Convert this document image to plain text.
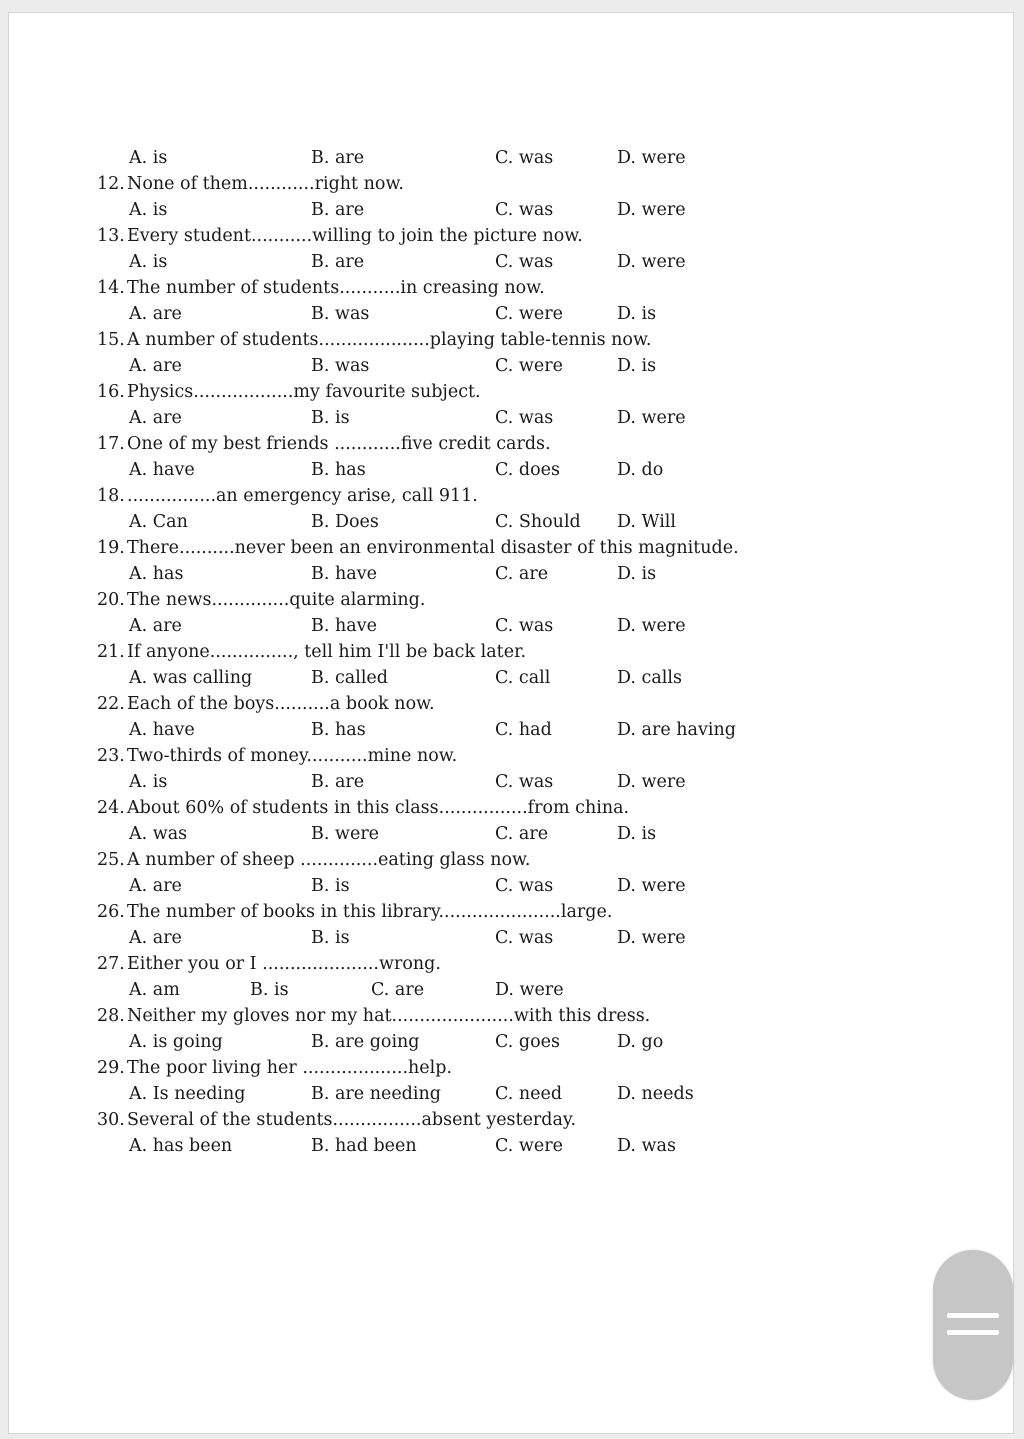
A. is	B. are	C. was	D. were
12. None of them............right now.
A. is	B. are	C. was	D. were
13. Every student...........willing to join the picture now.
A. is	B. are	C. was	D. were
14. The number of students...........in creasing now.
A. are	B. was	C. were	D. is
15. A number of students....................playing table-tennis now.
A. are	B. was	C. were	D. is
16. Physics..................my favourite subject.
A. are	B. is	C. was	D. were
17. One of my best friends ............five credit cards.
A. have	B. has	C. does	D. do
18. ................an emergency arise, call 911.
A. Can	B. Does	C. Should D. Will
19. There..........never been an environmental disaster of this magnitude.
A. has	B. have	C. are	D. is
20. The news..............quite alarming.
A. are	B. have	C. was	D. were
21. If anyone..............., tell him I'll be back later.
A. was calling	B. called	C. call	D. calls
22. Each of the boys..........a book now.
A. have	B. has	C. had	D. are having
23. Two-thirds of money...........mine now.
A. is	B. are	C. was	D. were
24. About 60% of students in this class................from china.
A. was	B. were	C. are	D. is
25. A number of sheep ..............eating glass now.
A. are	B. is	C. was	D. were
26. The number of books in this library......................large.
A. are	B. is	C. was	D. were
27. Either you or I .....................wrong.
A. am	B. is	C. are	D. were
28. Neither my gloves nor my hat......................with this dress.
A. is going	B. are going	C. goes	D. go
29. The poor living her ...................help.
A. Is needing	B. are needing	C. need	D. needs
30. Several of the students................absent yesterday.
A. has been	B. had been	C. were	D. was
